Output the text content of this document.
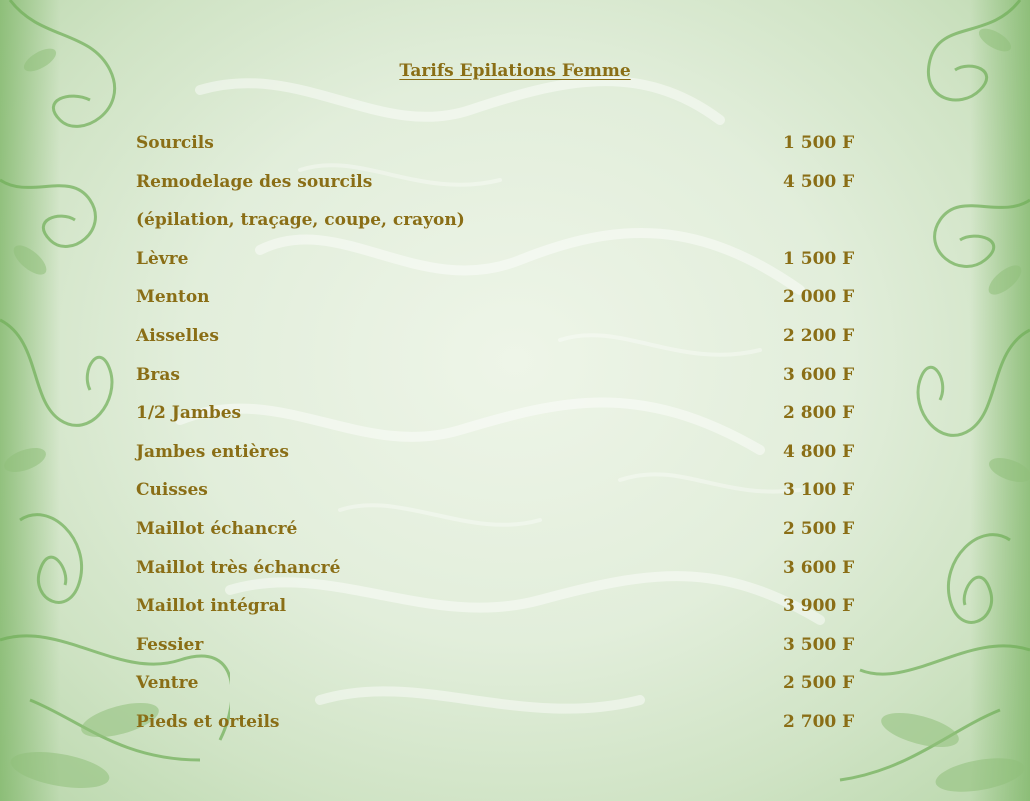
Tarifs Epilations Femme
Sourcils	1 500 F
Remodelage des sourcils	4 500 F
(épilation, traçage, coupe, crayon)
Lèvre	1 500 F
Menton	2 000 F
Aisselles	2 200 F
Bras	3 600 F
1/2 Jambes	2 800 F
Jambes entières	4 800 F
Cuisses	3 100 F
Maillot échancré	2 500 F
Maillot très échancré	3 600 F
Maillot intégral	3 900 F
Fessier	3 500 F
Ventre	2 500 F
Pieds et orteils	2 700 F
